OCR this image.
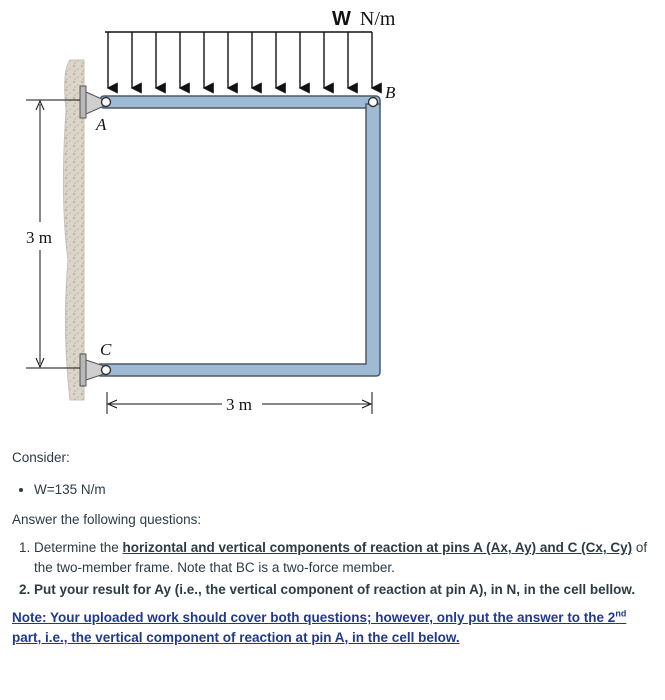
W N/m
A
B
C
3 m
3 m

Consider:

• W=135 N/m

Answer the following questions:

1. Determine the horizontal and vertical components of reaction at pins A (Ax, Ay) and C (Cx, Cy) of the two-member frame. Note that BC is a two-force member.
2. Put your result for Ay (i.e., the vertical component of reaction at pin A), in N, in the cell bellow.

Note: Your uploaded work should cover both questions; however, only put the answer to the 2nd part, i.e., the vertical component of reaction at pin A, in the cell below.
